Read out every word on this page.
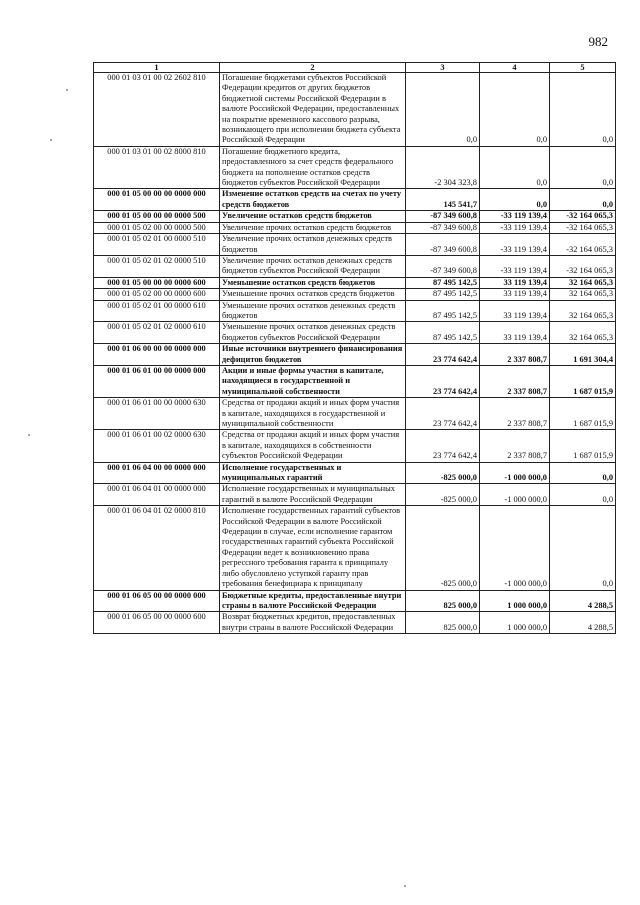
982
1	2	3	4	5
000 01 03 01 00 02 2602 810	Погашение бюджетами субъектов Российской Федерации кредитов от других бюджетов бюджетной системы Российской Федерации в валюте Российской Федерации, предоставленных на покрытие временного кассового разрыва, возникающего при исполнении бюджета субъекта Российской Федерации	0,0	0,0	0,0
000 01 03 01 00 02 8000 810	Погашение бюджетного кредита, предоставленного за счет средств федерального бюджета на пополнение остатков средств бюджетов субъектов Российской Федерации	-2 304 323,8	0,0	0,0
000 01 05 00 00 00 0000 000	Изменение остатков средств на счетах по учету средств бюджетов	145 541,7	0,0	0,0
000 01 05 00 00 00 0000 500	Увеличение остатков средств бюджетов	-87 349 600,8	-33 119 139,4	-32 164 065,3
000 01 05 02 00 00 0000 500	Увеличение прочих остатков средств бюджетов	-87 349 600,8	-33 119 139,4	-32 164 065,3
000 01 05 02 01 00 0000 510	Увеличение прочих остатков денежных средств бюджетов	-87 349 600,8	-33 119 139,4	-32 164 065,3
000 01 05 02 01 02 0000 510	Увеличение прочих остатков денежных средств бюджетов субъектов Российской Федерации	-87 349 600,8	-33 119 139,4	-32 164 065,3
000 01 05 00 00 00 0000 600	Уменьшение остатков средств бюджетов	87 495 142,5	33 119 139,4	32 164 065,3
000 01 05 02 00 00 0000 600	Уменьшение прочих остатков средств бюджетов	87 495 142,5	33 119 139,4	32 164 065,3
000 01 05 02 01 00 0000 610	Уменьшение прочих остатков денежных средств бюджетов	87 495 142,5	33 119 139,4	32 164 065,3
000 01 05 02 01 02 0000 610	Уменьшение прочих остатков денежных средств бюджетов субъектов Российской Федерации	87 495 142,5	33 119 139,4	32 164 065,3
000 01 06 00 00 00 0000 000	Иные источники внутреннего финансирования дефицитов бюджетов	23 774 642,4	2 337 808,7	1 691 304,4
000 01 06 01 00 00 0000 000	Акции и иные формы участия в капитале, находящиеся в государственной и муниципальной собственности	23 774 642,4	2 337 808,7	1 687 015,9
000 01 06 01 00 00 0000 630	Средства от продажи акций и иных форм участия в капитале, находящихся в государственной и муниципальной собственности	23 774 642,4	2 337 808,7	1 687 015,9
000 01 06 01 00 02 0000 630	Средства от продажи акций и иных форм участия в капитале, находящихся в собственности субъектов Российской Федерации	23 774 642,4	2 337 808,7	1 687 015,9
000 01 06 04 00 00 0000 000	Исполнение государственных и муниципальных гарантий	-825 000,0	-1 000 000,0	0,0
000 01 06 04 01 00 0000 000	Исполнение государственных и муниципальных гарантий в валюте Российской Федерации	-825 000,0	-1 000 000,0	0,0
000 01 06 04 01 02 0000 810	Исполнение государственных гарантий субъектов Российской Федерации в валюте Российской Федерации в случае, если исполнение гарантом государственных гарантий субъекта Российской Федерации ведет к возникновению права регрессного требования гаранта к принципалу либо обусловлено уступкой гаранту прав требования бенефициара к принципалу	-825 000,0	-1 000 000,0	0,0
000 01 06 05 00 00 0000 000	Бюджетные кредиты, предоставленные внутри страны в валюте Российской Федерации	825 000,0	1 000 000,0	4 288,5
000 01 06 05 00 00 0000 600	Возврат бюджетных кредитов, предоставленных внутри страны в валюте Российской Федерации	825 000,0	1 000 000,0	4 288,5
